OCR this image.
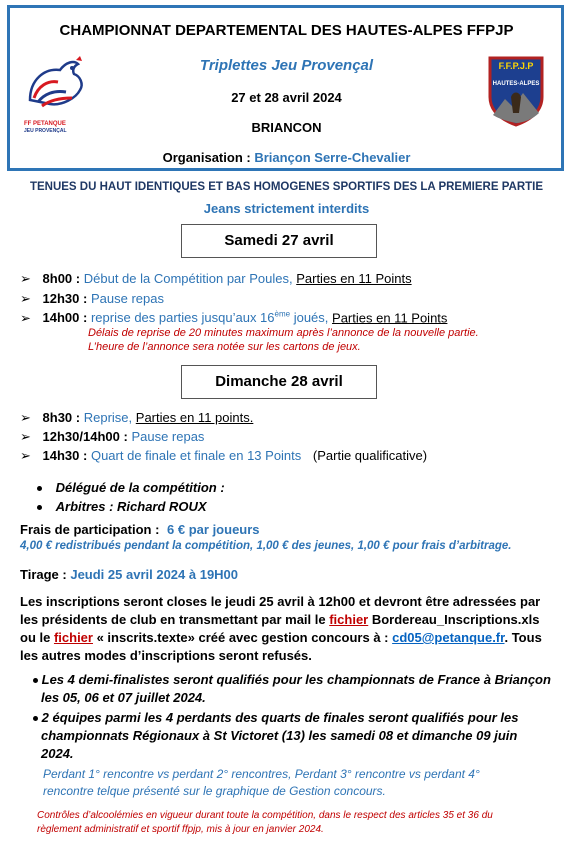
CHAMPIONNAT DEPARTEMENTAL DES HAUTES-ALPES FFPJP
FF PETANQUE
JEU PROVENÇAL
F.F.P.J.P
HAUTES-ALPES
Triplettes Jeu Provençal
27 et 28 avril 2024
BRIANCON
Organisation : Briançon Serre-Chevalier
TENUES DU HAUT IDENTIQUES ET BAS HOMOGENES SPORTIFS DES LA PREMIERE PARTIE
Jeans strictement interdits
Samedi 27 avril
➢ 8h00 : Début de la Compétition par Poules, Parties en 11 Points
➢ 12h30 : Pause repas
➢ 14h00 : reprise des parties jusqu’aux 16ème joués, Parties en 11 Points
Délais de reprise de 20 minutes maximum après l’annonce de la nouvelle partie.
L’heure de l’annonce sera notée sur les cartons de jeux.
Dimanche 28 avril
➢ 8h30 : Reprise, Parties en 11 points.
➢ 12h30/14h00 : Pause repas
➢ 14h30 : Quart de finale et finale en 13 Points (Partie qualificative)
Délégué de la compétition :
Arbitres : Richard ROUX
Frais de participation : 6 € par joueurs
4,00 € redistribués pendant la compétition, 1,00 € des jeunes, 1,00 € pour frais d’arbitrage.
Tirage : Jeudi 25 avril 2024 à 19H00
Les inscriptions seront closes le jeudi 25 avril à 12h00 et devront être adressées par
les présidents de club en transmettant par mail le fichier Bordereau_Inscriptions.xls
ou le fichier « inscrits.texte» créé avec gestion concours à : cd05@petanque.fr. Tous
les autres modes d’inscriptions seront refusés.
Les 4 demi-finalistes seront qualifiés pour les championnats de France à Briançon
les 05, 06 et 07 juillet 2024.
2 équipes parmi les 4 perdants des quarts de finales seront qualifiés pour les
championnats Régionaux à St Victoret (13) les samedi 08 et dimanche 09 juin
2024.
Perdant 1° rencontre vs perdant 2° rencontres, Perdant 3° rencontre vs perdant 4°
rencontre telque présenté sur le graphique de Gestion concours.
Contrôles d’alcoolémies en vigueur durant toute la compétition, dans le respect des articles 35 et 36 du
règlement administratif et sportif ffpjp, mis à jour en janvier 2024.
